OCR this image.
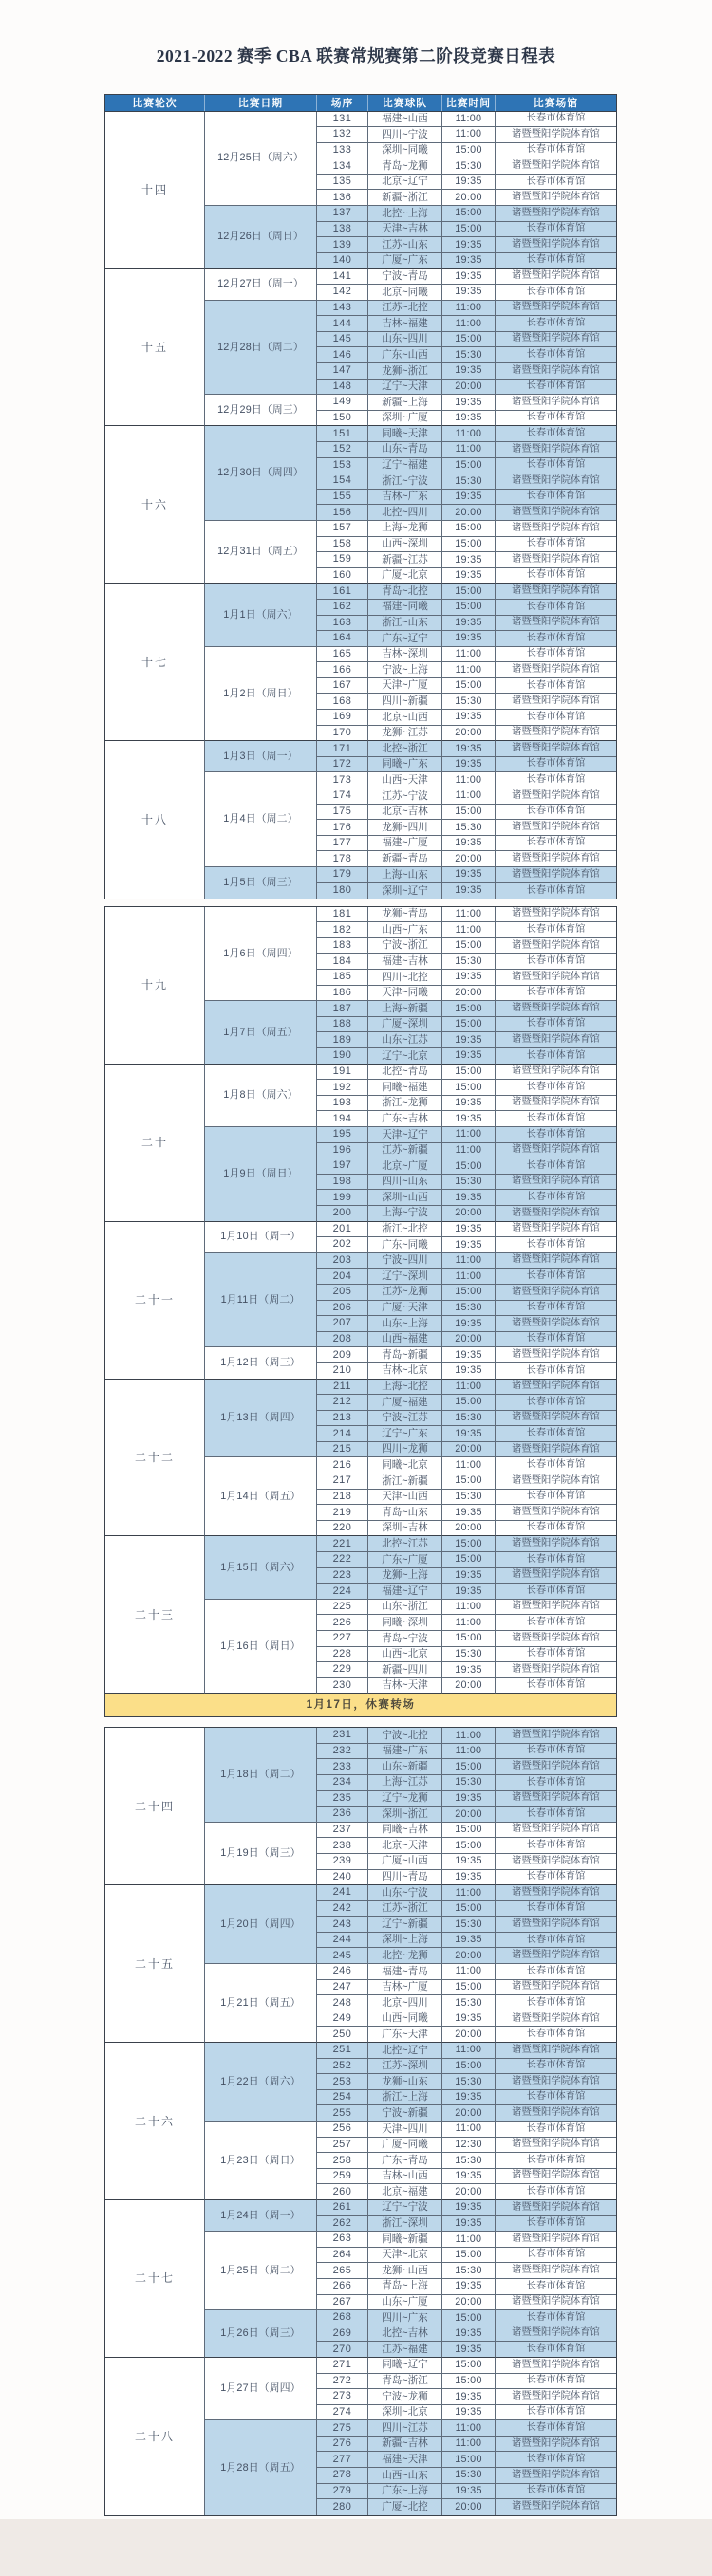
2021-2022 赛季 CBA 联赛常规赛第二阶段竞赛日程表
比赛轮次	比赛日期	场序	比赛球队	比赛时间	比赛场馆
十四
12月25日（周六）
131	福建~山西	11:00	长春市体育馆
132	四川~宁波	11:00	诸暨暨阳学院体育馆
133	深圳~同曦	15:00	长春市体育馆
134	青岛~龙狮	15:30	诸暨暨阳学院体育馆
135	北京~辽宁	19:35	长春市体育馆
136	新疆~浙江	20:00	诸暨暨阳学院体育馆
12月26日（周日）
137	北控~上海	15:00	诸暨暨阳学院体育馆
138	天津~吉林	15:00	长春市体育馆
139	江苏~山东	19:35	诸暨暨阳学院体育馆
140	广厦~广东	19:35	长春市体育馆
十五
12月27日（周一）
141	宁波~青岛	19:35	诸暨暨阳学院体育馆
142	北京~同曦	19:35	长春市体育馆
12月28日（周二）
143	江苏~北控	11:00	诸暨暨阳学院体育馆
144	吉林~福建	11:00	长春市体育馆
145	山东~四川	15:00	诸暨暨阳学院体育馆
146	广东~山西	15:30	长春市体育馆
147	龙狮~浙江	19:35	诸暨暨阳学院体育馆
148	辽宁~天津	20:00	长春市体育馆
12月29日（周三）
149	新疆~上海	19:35	诸暨暨阳学院体育馆
150	深圳~广厦	19:35	长春市体育馆
十六
12月30日（周四）
151	同曦~天津	11:00	长春市体育馆
152	山东~青岛	11:00	诸暨暨阳学院体育馆
153	辽宁~福建	15:00	长春市体育馆
154	浙江~宁波	15:30	诸暨暨阳学院体育馆
155	吉林~广东	19:35	长春市体育馆
156	北控~四川	20:00	诸暨暨阳学院体育馆
12月31日（周五）
157	上海~龙狮	15:00	诸暨暨阳学院体育馆
158	山西~深圳	15:00	长春市体育馆
159	新疆~江苏	19:35	诸暨暨阳学院体育馆
160	广厦~北京	19:35	长春市体育馆
十七
1月1日（周六）
161	青岛~北控	15:00	诸暨暨阳学院体育馆
162	福建~同曦	15:00	长春市体育馆
163	浙江~山东	19:35	诸暨暨阳学院体育馆
164	广东~辽宁	19:35	长春市体育馆
1月2日（周日）
165	吉林~深圳	11:00	长春市体育馆
166	宁波~上海	11:00	诸暨暨阳学院体育馆
167	天津~广厦	15:00	长春市体育馆
168	四川~新疆	15:30	诸暨暨阳学院体育馆
169	北京~山西	19:35	长春市体育馆
170	龙狮~江苏	20:00	诸暨暨阳学院体育馆
十八
1月3日（周一）
171	北控~浙江	19:35	诸暨暨阳学院体育馆
172	同曦~广东	19:35	长春市体育馆
1月4日（周二）
173	山西~天津	11:00	长春市体育馆
174	江苏~宁波	11:00	诸暨暨阳学院体育馆
175	北京~吉林	15:00	长春市体育馆
176	龙狮~四川	15:30	诸暨暨阳学院体育馆
177	福建~广厦	19:35	长春市体育馆
178	新疆~青岛	20:00	诸暨暨阳学院体育馆
1月5日（周三）
179	上海~山东	19:35	诸暨暨阳学院体育馆
180	深圳~辽宁	19:35	长春市体育馆
十九
1月6日（周四）
181	龙狮~青岛	11:00	诸暨暨阳学院体育馆
182	山西~广东	11:00	长春市体育馆
183	宁波~浙江	15:00	诸暨暨阳学院体育馆
184	福建~吉林	15:30	长春市体育馆
185	四川~北控	19:35	诸暨暨阳学院体育馆
186	天津~同曦	20:00	长春市体育馆
1月7日（周五）
187	上海~新疆	15:00	诸暨暨阳学院体育馆
188	广厦~深圳	15:00	长春市体育馆
189	山东~江苏	19:35	诸暨暨阳学院体育馆
190	辽宁~北京	19:35	长春市体育馆
二十
1月8日（周六）
191	北控~青岛	15:00	诸暨暨阳学院体育馆
192	同曦~福建	15:00	长春市体育馆
193	浙江~龙狮	19:35	诸暨暨阳学院体育馆
194	广东~吉林	19:35	长春市体育馆
1月9日（周日）
195	天津~辽宁	11:00	长春市体育馆
196	江苏~新疆	11:00	诸暨暨阳学院体育馆
197	北京~广厦	15:00	长春市体育馆
198	四川~山东	15:30	诸暨暨阳学院体育馆
199	深圳~山西	19:35	长春市体育馆
200	上海~宁波	20:00	诸暨暨阳学院体育馆
二十一
1月10日（周一）
201	浙江~北控	19:35	诸暨暨阳学院体育馆
202	广东~同曦	19:35	长春市体育馆
1月11日（周二）
203	宁波~四川	11:00	诸暨暨阳学院体育馆
204	辽宁~深圳	11:00	长春市体育馆
205	江苏~龙狮	15:00	诸暨暨阳学院体育馆
206	广厦~天津	15:30	长春市体育馆
207	山东~上海	19:35	诸暨暨阳学院体育馆
208	山西~福建	20:00	长春市体育馆
1月12日（周三）
209	青岛~新疆	19:35	诸暨暨阳学院体育馆
210	吉林~北京	19:35	长春市体育馆
二十二
1月13日（周四）
211	上海~北控	11:00	诸暨暨阳学院体育馆
212	广厦~福建	15:00	长春市体育馆
213	宁波~江苏	15:30	诸暨暨阳学院体育馆
214	辽宁~广东	19:35	长春市体育馆
215	四川~龙狮	20:00	诸暨暨阳学院体育馆
1月14日（周五）
216	同曦~北京	11:00	长春市体育馆
217	浙江~新疆	15:00	诸暨暨阳学院体育馆
218	天津~山西	15:30	长春市体育馆
219	青岛~山东	19:35	诸暨暨阳学院体育馆
220	深圳~吉林	20:00	长春市体育馆
二十三
1月15日（周六）
221	北控~江苏	15:00	诸暨暨阳学院体育馆
222	广东~广厦	15:00	长春市体育馆
223	龙狮~上海	19:35	诸暨暨阳学院体育馆
224	福建~辽宁	19:35	长春市体育馆
1月16日（周日）
225	山东~浙江	11:00	诸暨暨阳学院体育馆
226	同曦~深圳	11:00	长春市体育馆
227	青岛~宁波	15:00	诸暨暨阳学院体育馆
228	山西~北京	15:30	长春市体育馆
229	新疆~四川	19:35	诸暨暨阳学院体育馆
230	吉林~天津	20:00	长春市体育馆
1月17日，休赛转场
二十四
1月18日（周二）
231	宁波~北控	11:00	诸暨暨阳学院体育馆
232	福建~广东	11:00	长春市体育馆
233	山东~新疆	15:00	诸暨暨阳学院体育馆
234	上海~江苏	15:30	长春市体育馆
235	辽宁~龙狮	19:35	诸暨暨阳学院体育馆
236	深圳~浙江	20:00	长春市体育馆
1月19日（周三）
237	同曦~吉林	15:00	诸暨暨阳学院体育馆
238	北京~天津	15:00	长春市体育馆
239	广厦~山西	19:35	诸暨暨阳学院体育馆
240	四川~青岛	19:35	长春市体育馆
二十五
1月20日（周四）
241	山东~宁波	11:00	诸暨暨阳学院体育馆
242	江苏~浙江	15:00	长春市体育馆
243	辽宁~新疆	15:30	诸暨暨阳学院体育馆
244	深圳~上海	19:35	长春市体育馆
245	北控~龙狮	20:00	诸暨暨阳学院体育馆
1月21日（周五）
246	福建~青岛	11:00	长春市体育馆
247	吉林~广厦	15:00	诸暨暨阳学院体育馆
248	北京~四川	15:30	长春市体育馆
249	山西~同曦	19:35	诸暨暨阳学院体育馆
250	广东~天津	20:00	长春市体育馆
二十六
1月22日（周六）
251	北控~辽宁	11:00	诸暨暨阳学院体育馆
252	江苏~深圳	15:00	长春市体育馆
253	龙狮~山东	15:30	诸暨暨阳学院体育馆
254	浙江~上海	19:35	长春市体育馆
255	宁波~新疆	20:00	诸暨暨阳学院体育馆
1月23日（周日）
256	天津~四川	11:00	长春市体育馆
257	广厦~同曦	12:30	诸暨暨阳学院体育馆
258	广东~青岛	15:30	长春市体育馆
259	吉林~山西	19:35	诸暨暨阳学院体育馆
260	北京~福建	20:00	长春市体育馆
二十七
1月24日（周一）
261	辽宁~宁波	19:35	诸暨暨阳学院体育馆
262	浙江~深圳	19:35	长春市体育馆
1月25日（周二）
263	同曦~新疆	11:00	诸暨暨阳学院体育馆
264	天津~北京	15:00	长春市体育馆
265	龙狮~山西	15:30	诸暨暨阳学院体育馆
266	青岛~上海	19:35	长春市体育馆
267	山东~广厦	20:00	诸暨暨阳学院体育馆
1月26日（周三）
268	四川~广东	15:00	长春市体育馆
269	北控~吉林	19:35	诸暨暨阳学院体育馆
270	江苏~福建	19:35	长春市体育馆
二十八
1月27日（周四）
271	同曦~辽宁	15:00	诸暨暨阳学院体育馆
272	青岛~浙江	15:00	长春市体育馆
273	宁波~龙狮	19:35	诸暨暨阳学院体育馆
274	深圳~北京	19:35	长春市体育馆
1月28日（周五）
275	四川~江苏	11:00	长春市体育馆
276	新疆~吉林	11:00	诸暨暨阳学院体育馆
277	福建~天津	15:00	长春市体育馆
278	山西~山东	15:30	诸暨暨阳学院体育馆
279	广东~上海	19:35	长春市体育馆
280	广厦~北控	20:00	诸暨暨阳学院体育馆
